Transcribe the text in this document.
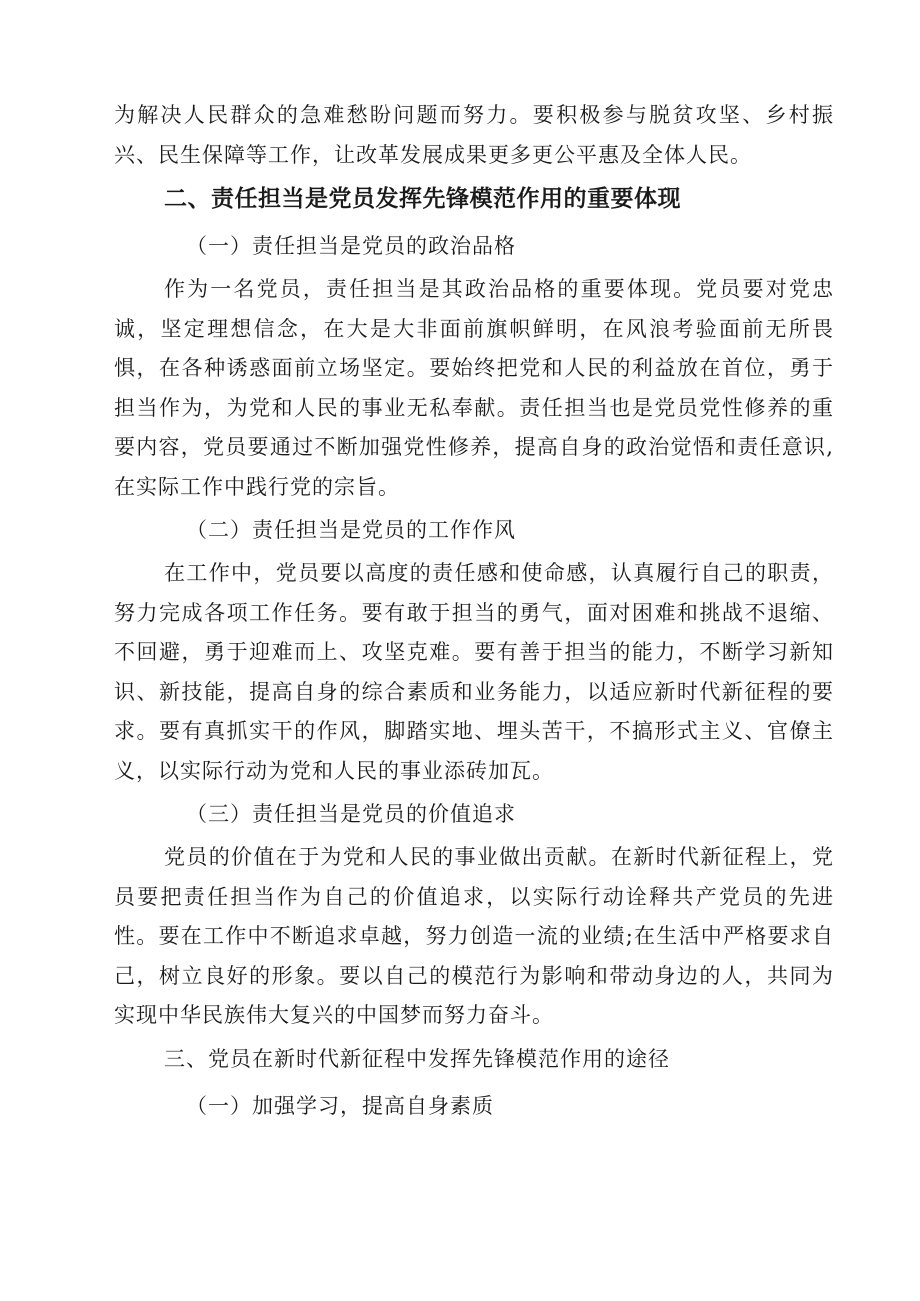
为解决人民群众的急难愁盼问题而努力。要积极参与脱贫攻坚、乡村振兴、民生保障等工作，让改革发展成果更多更公平惠及全体人民。

二、责任担当是党员发挥先锋模范作用的重要体现
（一）责任担当是党员的政治品格

作为一名党员，责任担当是其政治品格的重要体现。党员要对党忠诚，坚定理想信念，在大是大非面前旗帜鲜明，在风浪考验面前无所畏惧，在各种诱惑面前立场坚定。要始终把党和人民的利益放在首位，勇于担当作为，为党和人民的事业无私奉献。责任担当也是党员党性修养的重要内容，党员要通过不断加强党性修养，提高自身的政治觉悟和责任意识,在实际工作中践行党的宗旨。

（二）责任担当是党员的工作作风

在工作中，党员要以高度的责任感和使命感，认真履行自己的职责，努力完成各项工作任务。要有敢于担当的勇气，面对困难和挑战不退缩、不回避，勇于迎难而上、攻坚克难。要有善于担当的能力，不断学习新知识、新技能，提高自身的综合素质和业务能力，以适应新时代新征程的要求。要有真抓实干的作风，脚踏实地、埋头苦干，不搞形式主义、官僚主义，以实际行动为党和人民的事业添砖加瓦。

（三）责任担当是党员的价值追求

党员的价值在于为党和人民的事业做出贡献。在新时代新征程上，党员要把责任担当作为自己的价值追求，以实际行动诠释共产党员的先进性。要在工作中不断追求卓越，努力创造一流的业绩;在生活中严格要求自己，树立良好的形象。要以自己的模范行为影响和带动身边的人，共同为实现中华民族伟大复兴的中国梦而努力奋斗。

三、党员在新时代新征程中发挥先锋模范作用的途径
（一）加强学习，提高自身素质
